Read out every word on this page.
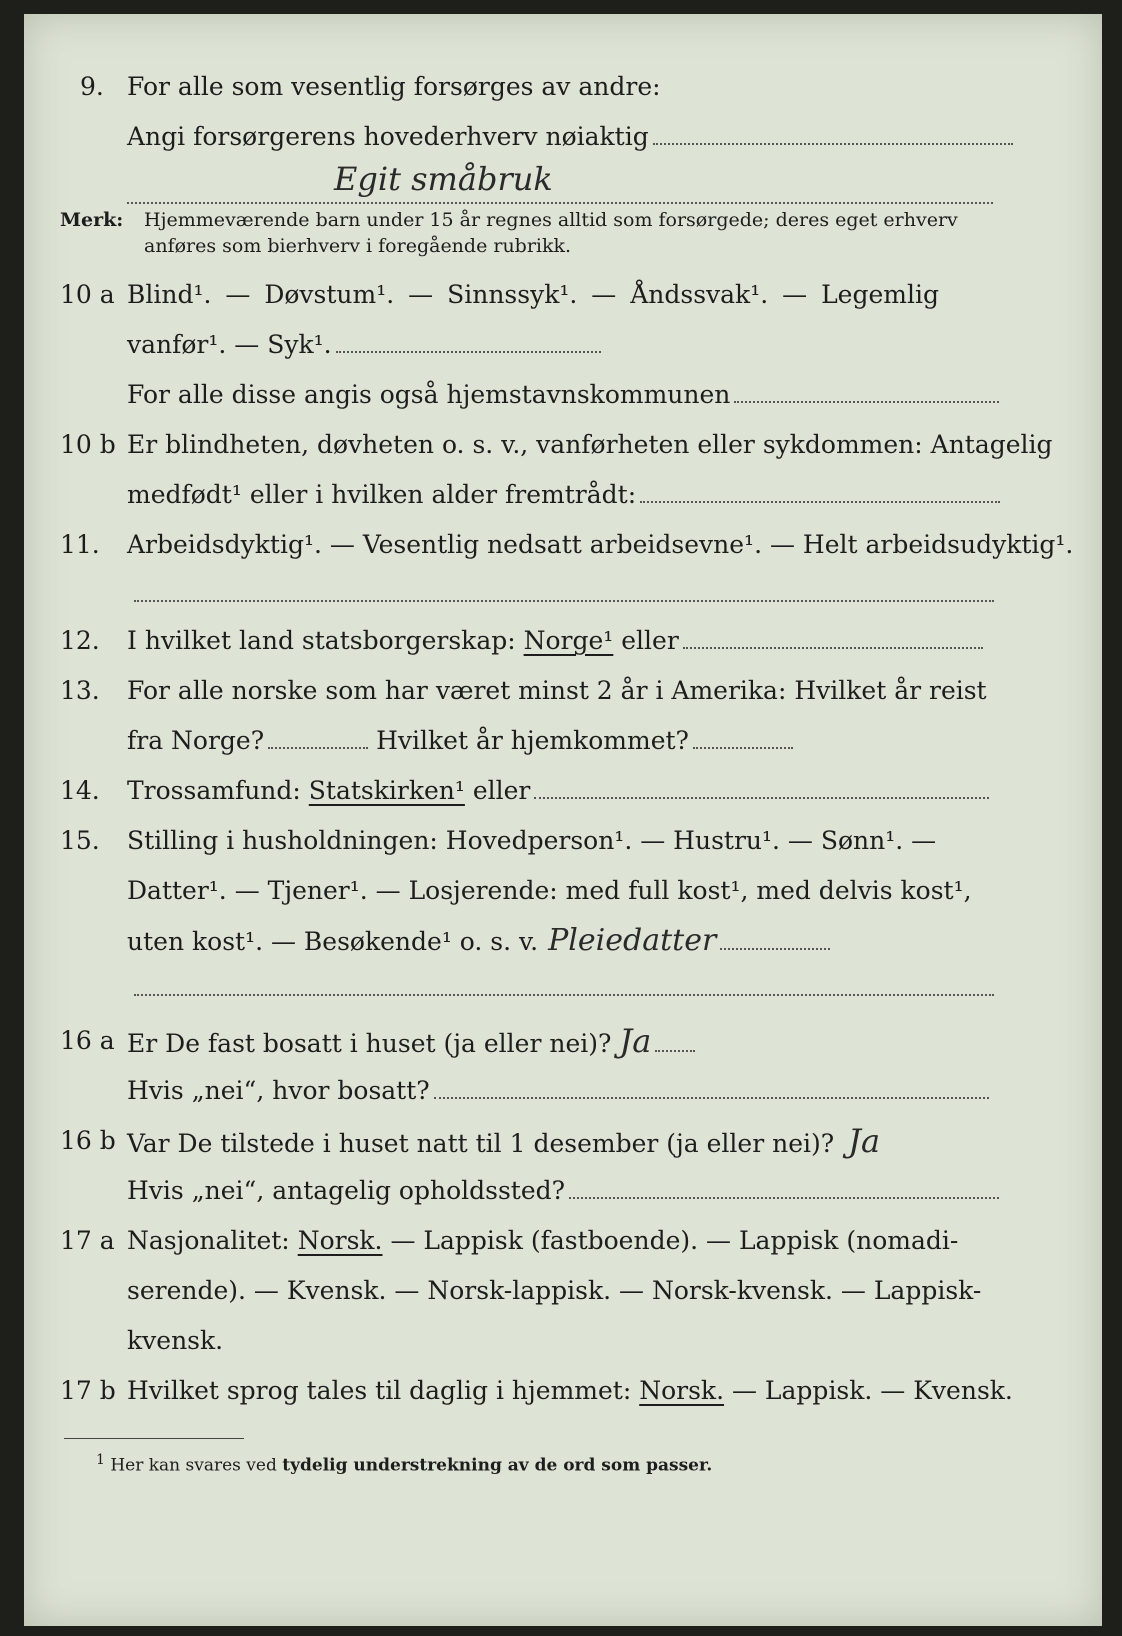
9. For alle som vesentlig forsørges av andre:
Angi forsørgerens hovederhverv nøiaktig
Egit småbruk
Merk: Hjemmeværende barn under 15 år regnes alltid som forsørgede; deres eget erhverv
anføres som bierhverv i foregående rubrikk.
10 a Blind¹. — Døvstum¹. — Sinnssyk¹. — Åndssvak¹. — Legemlig
vanfør¹. — Syk¹.
For alle disse angis også hjemstavnskommunen
10 b Er blindheten, døvheten o. s. v., vanførheten eller sykdommen: Antagelig
medfødt¹ eller i hvilken alder fremtrådt:
11. Arbeidsdyktig¹. — Vesentlig nedsatt arbeidsevne¹. — Helt arbeidsudyktig¹.
12. I hvilket land statsborgerskap: Norge¹ eller
13. For alle norske som har været minst 2 år i Amerika: Hvilket år reist
fra Norge?	Hvilket år hjemkommet?
14. Trossamfund: Statskirken¹ eller
15. Stilling i husholdningen: Hovedperson¹. — Hustru¹. — Sønn¹. —
Datter¹. — Tjener¹. — Losjerende: med full kost¹, med delvis kost¹,
uten kost¹. — Besøkende¹ o. s. v. Pleiedatter
16 a Er De fast bosatt i huset (ja eller nei)? Ja
Hvis „nei“, hvor bosatt?
16 b Var De tilstede i huset natt til 1 desember (ja eller nei)? Ja
Hvis „nei“, antagelig opholdssted?
17 a Nasjonalitet: Norsk. — Lappisk (fastboende). — Lappisk (nomadi-
serende). — Kvensk. — Norsk-lappisk. — Norsk-kvensk. — Lappisk-
kvensk.
17 b Hvilket sprog tales til daglig i hjemmet: Norsk. — Lappisk. — Kvensk.
$^1$ Her kan svares ved tydelig understrekning av de ord som passer.
